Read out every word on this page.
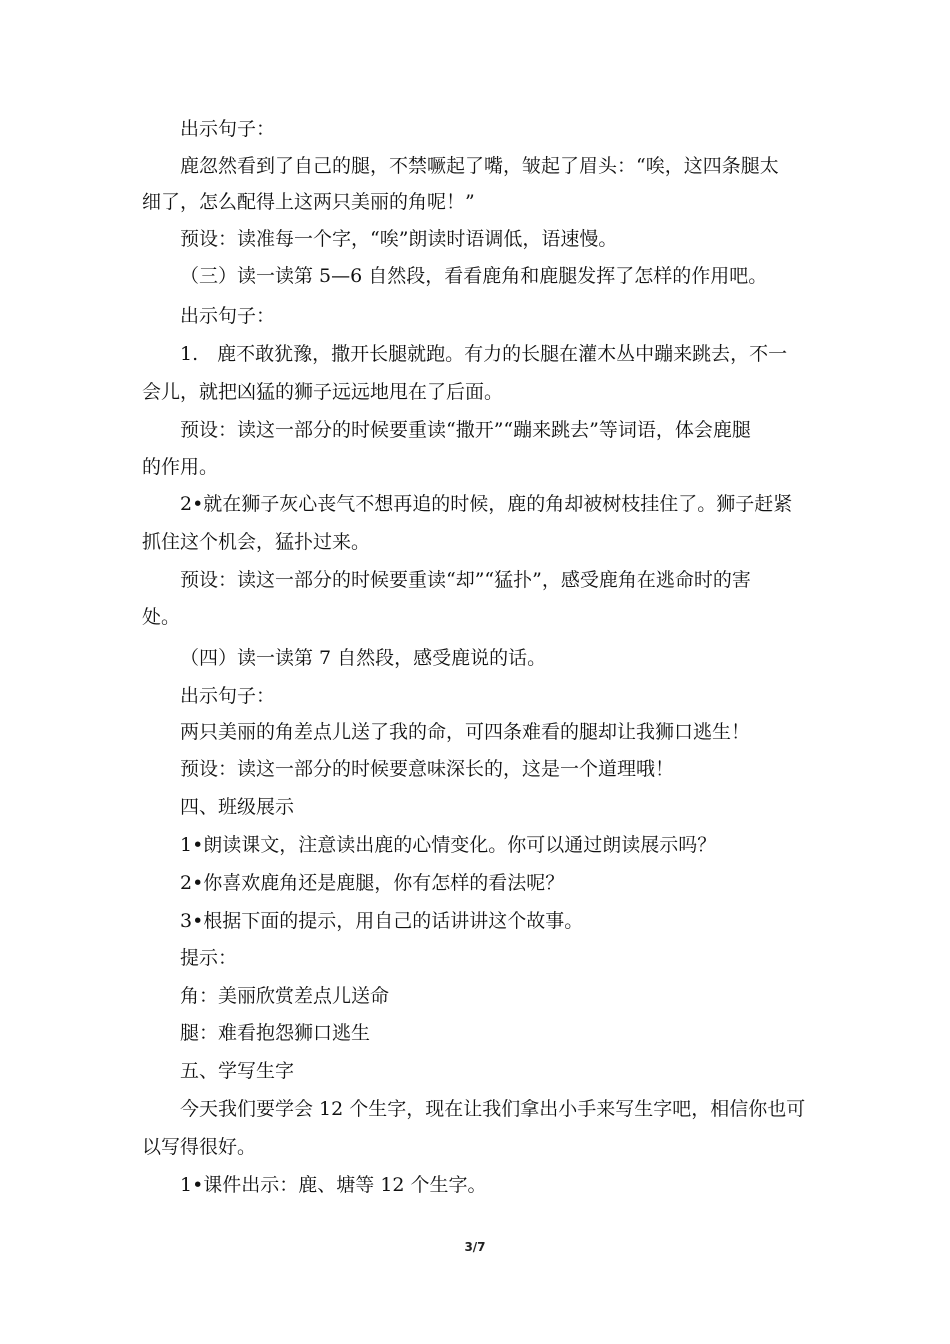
出示句子：
鹿忽然看到了自己的腿，不禁噘起了嘴，皱起了眉头：“唉，这四条腿太
细了，怎么配得上这两只美丽的角呢！”
预设：读准每一个字，“唉”朗读时语调低，语速慢。
（三）读一读第 5—6 自然段，看看鹿角和鹿腿发挥了怎样的作用吧。
出示句子：
1.　鹿不敢犹豫，撒开长腿就跑。有力的长腿在灌木丛中蹦来跳去，不一
会儿，就把凶猛的狮子远远地甩在了后面。
预设：读这一部分的时候要重读“撒开”“蹦来跳去”等词语，体会鹿腿
的作用。
2•就在狮子灰心丧气不想再追的时候，鹿的角却被树枝挂住了。狮子赶紧
抓住这个机会，猛扑过来。
预设：读这一部分的时候要重读“却”“猛扑”，感受鹿角在逃命时的害
处。
（四）读一读第 7 自然段，感受鹿说的话。
出示句子：
两只美丽的角差点儿送了我的命，可四条难看的腿却让我狮口逃生！
预设：读这一部分的时候要意味深长的，这是一个道理哦！
四、班级展示
1•朗读课文，注意读出鹿的心情变化。你可以通过朗读展示吗？
2•你喜欢鹿角还是鹿腿，你有怎样的看法呢？
3•根据下面的提示，用自己的话讲讲这个故事。
提示：
角：美丽欣赏差点儿送命
腿：难看抱怨狮口逃生
五、学写生字
今天我们要学会 12 个生字，现在让我们拿出小手来写生字吧，相信你也可
以写得很好。
1•课件出示：鹿、塘等 12 个生字。
3/7
